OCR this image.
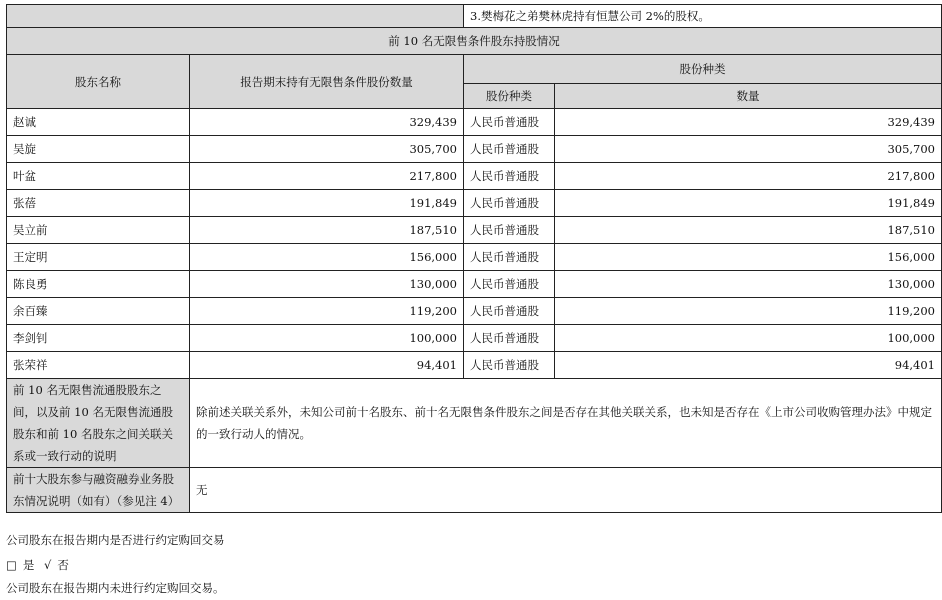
		3.樊梅花之弟樊林虎持有恒慧公司 2%的股权。	
前 10 名无限售条件股东持股情况			
股东名称	报告期末持有无限售条件股份数量	股份种类	
		股份种类	数量
赵诚	329,439	人民币普通股	329,439
吴旋	305,700	人民币普通股	305,700
叶盆	217,800	人民币普通股	217,800
张蓓	191,849	人民币普通股	191,849
吴立前	187,510	人民币普通股	187,510
王定明	156,000	人民币普通股	156,000
陈良勇	130,000	人民币普通股	130,000
余百臻	119,200	人民币普通股	119,200
李剑钊	100,000	人民币普通股	100,000
张荣祥	94,401	人民币普通股	94,401
前 10 名无限售流通股股东之间，以及前 10 名无限售流通股股东和前 10 名股东之间关联关系或一致行动的说明	除前述关联关系外，未知公司前十名股东、前十名无限售条件股东之间是否存在其他关联关系，也未知是否存在《上市公司收购管理办法》中规定的一致行动人的情况。		
前十大股东参与融资融券业务股东情况说明（如有）（参见注 4）	无		
公司股东在报告期内是否进行约定购回交易
□ 是 √ 否
公司股东在报告期内未进行约定购回交易。
